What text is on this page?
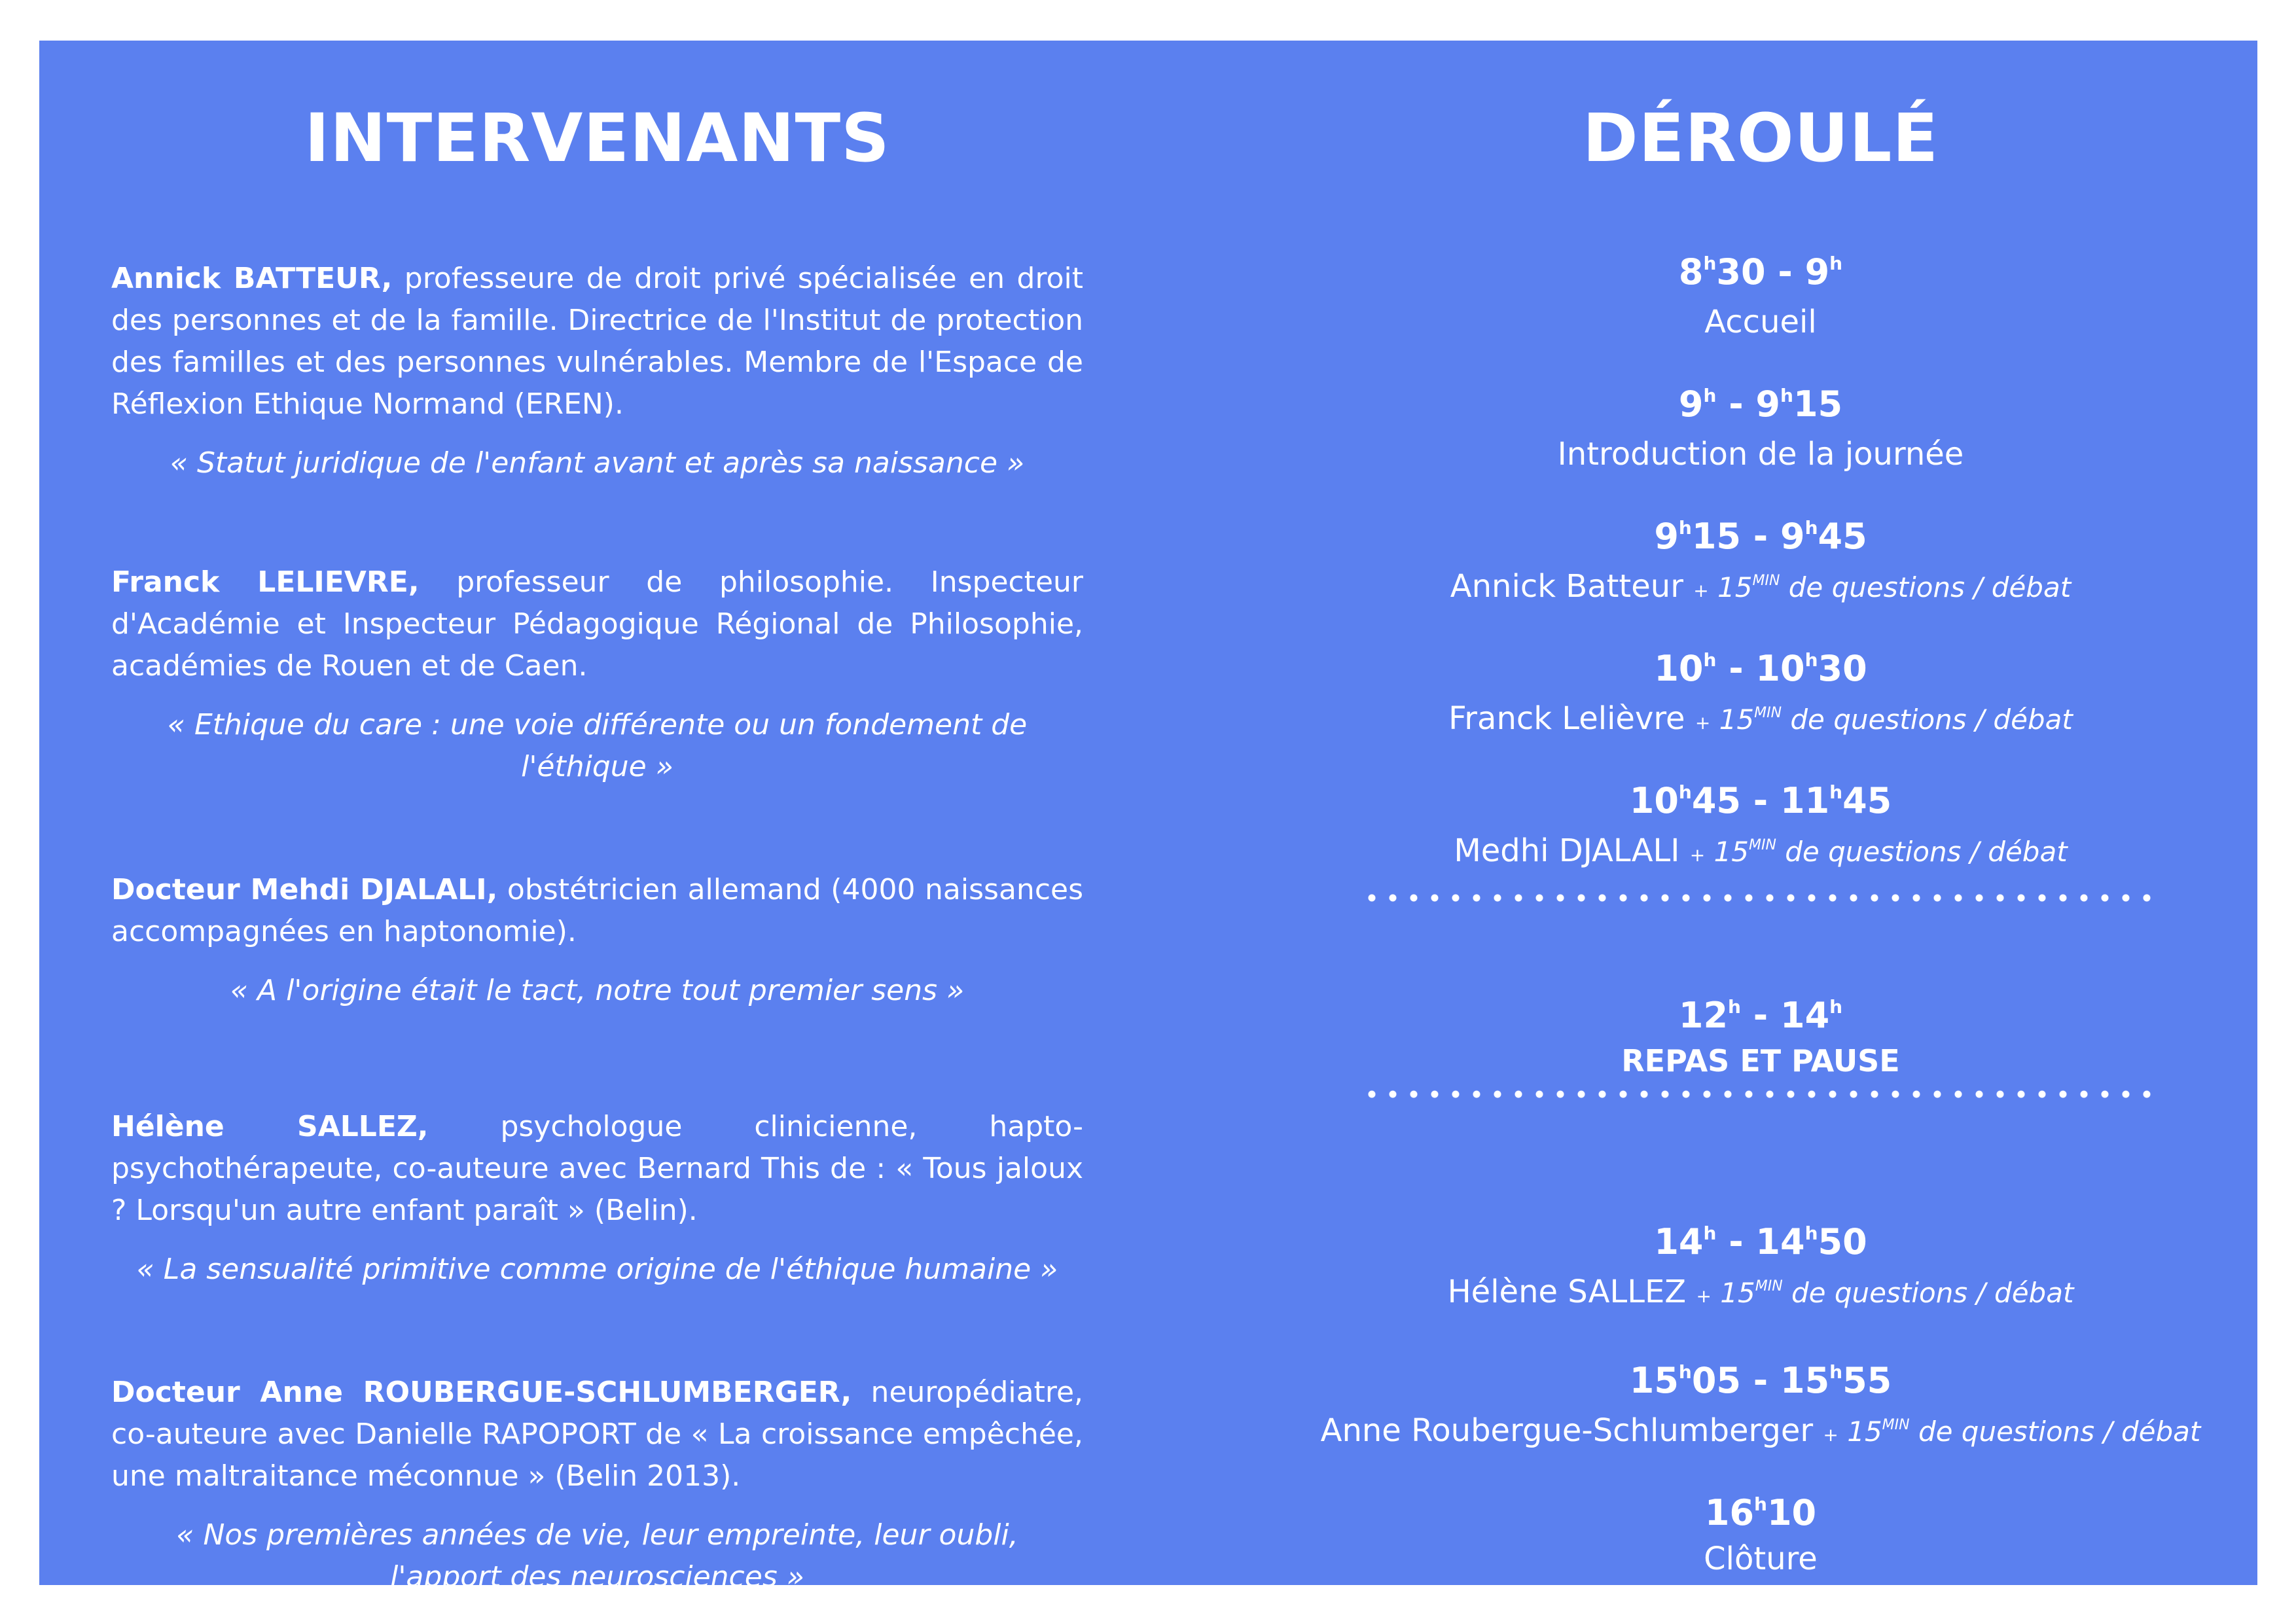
INTERVENANTS

Annick BATTEUR, professeure de droit privé spécialisée en droit des personnes et de la famille. Directrice de l'Institut de protection des familles et des personnes vulnérables. Membre de l'Espace de Réflexion Ethique Normand (EREN).

« Statut juridique de l'enfant avant et après sa naissance »

Franck LELIEVRE, professeur de philosophie. Inspecteur d'Académie et Inspecteur Pédagogique Régional de Philosophie, académies de Rouen et de Caen.

« Ethique du care : une voie différente ou un fondement de l'éthique »

Docteur Mehdi DJALALI, obstétricien allemand (4000 naissances accompagnées en haptonomie).

« A l'origine était le tact, notre tout premier sens »

Hélène SALLEZ, psychologue clinicienne, hapto-psychothérapeute, co-auteure avec Bernard This de : « Tous jaloux ? Lorsqu'un autre enfant paraît » (Belin).

« La sensualité primitive comme origine de l'éthique humaine »

Docteur Anne ROUBERGUE-SCHLUMBERGER, neuropédiatre, co-auteure avec Danielle RAPOPORT de « La croissance empêchée, une maltraitance méconnue » (Belin 2013).

« Nos premières années de vie, leur empreinte, leur oubli, l'apport des neurosciences »

DÉROULÉ
8$^h$30 - 9$^h$
Accueil
9$^h$ - 9$^h$15
Introduction de la journée
9$^h$15 - 9$^h$45
Annick Batteur + $15^{MIN}$ de questions / débat
10$^h$ - 10$^h$30
Franck Lelièvre + $15^{MIN}$ de questions / débat
10$^h$45 - 11$^h$45
Medhi DJALALI + $15^{MIN}$ de questions / débat
12$^h$ - 14$^h$
REPAS ET PAUSE
14$^h$ - 14$^h$50
Hélène SALLEZ + $15^{MIN}$ de questions / débat
15$^h$05 - 15$^h$55
Anne Roubergue-Schlumberger + $15^{MIN}$ de questions / débat
16$^h$10
Clôture
